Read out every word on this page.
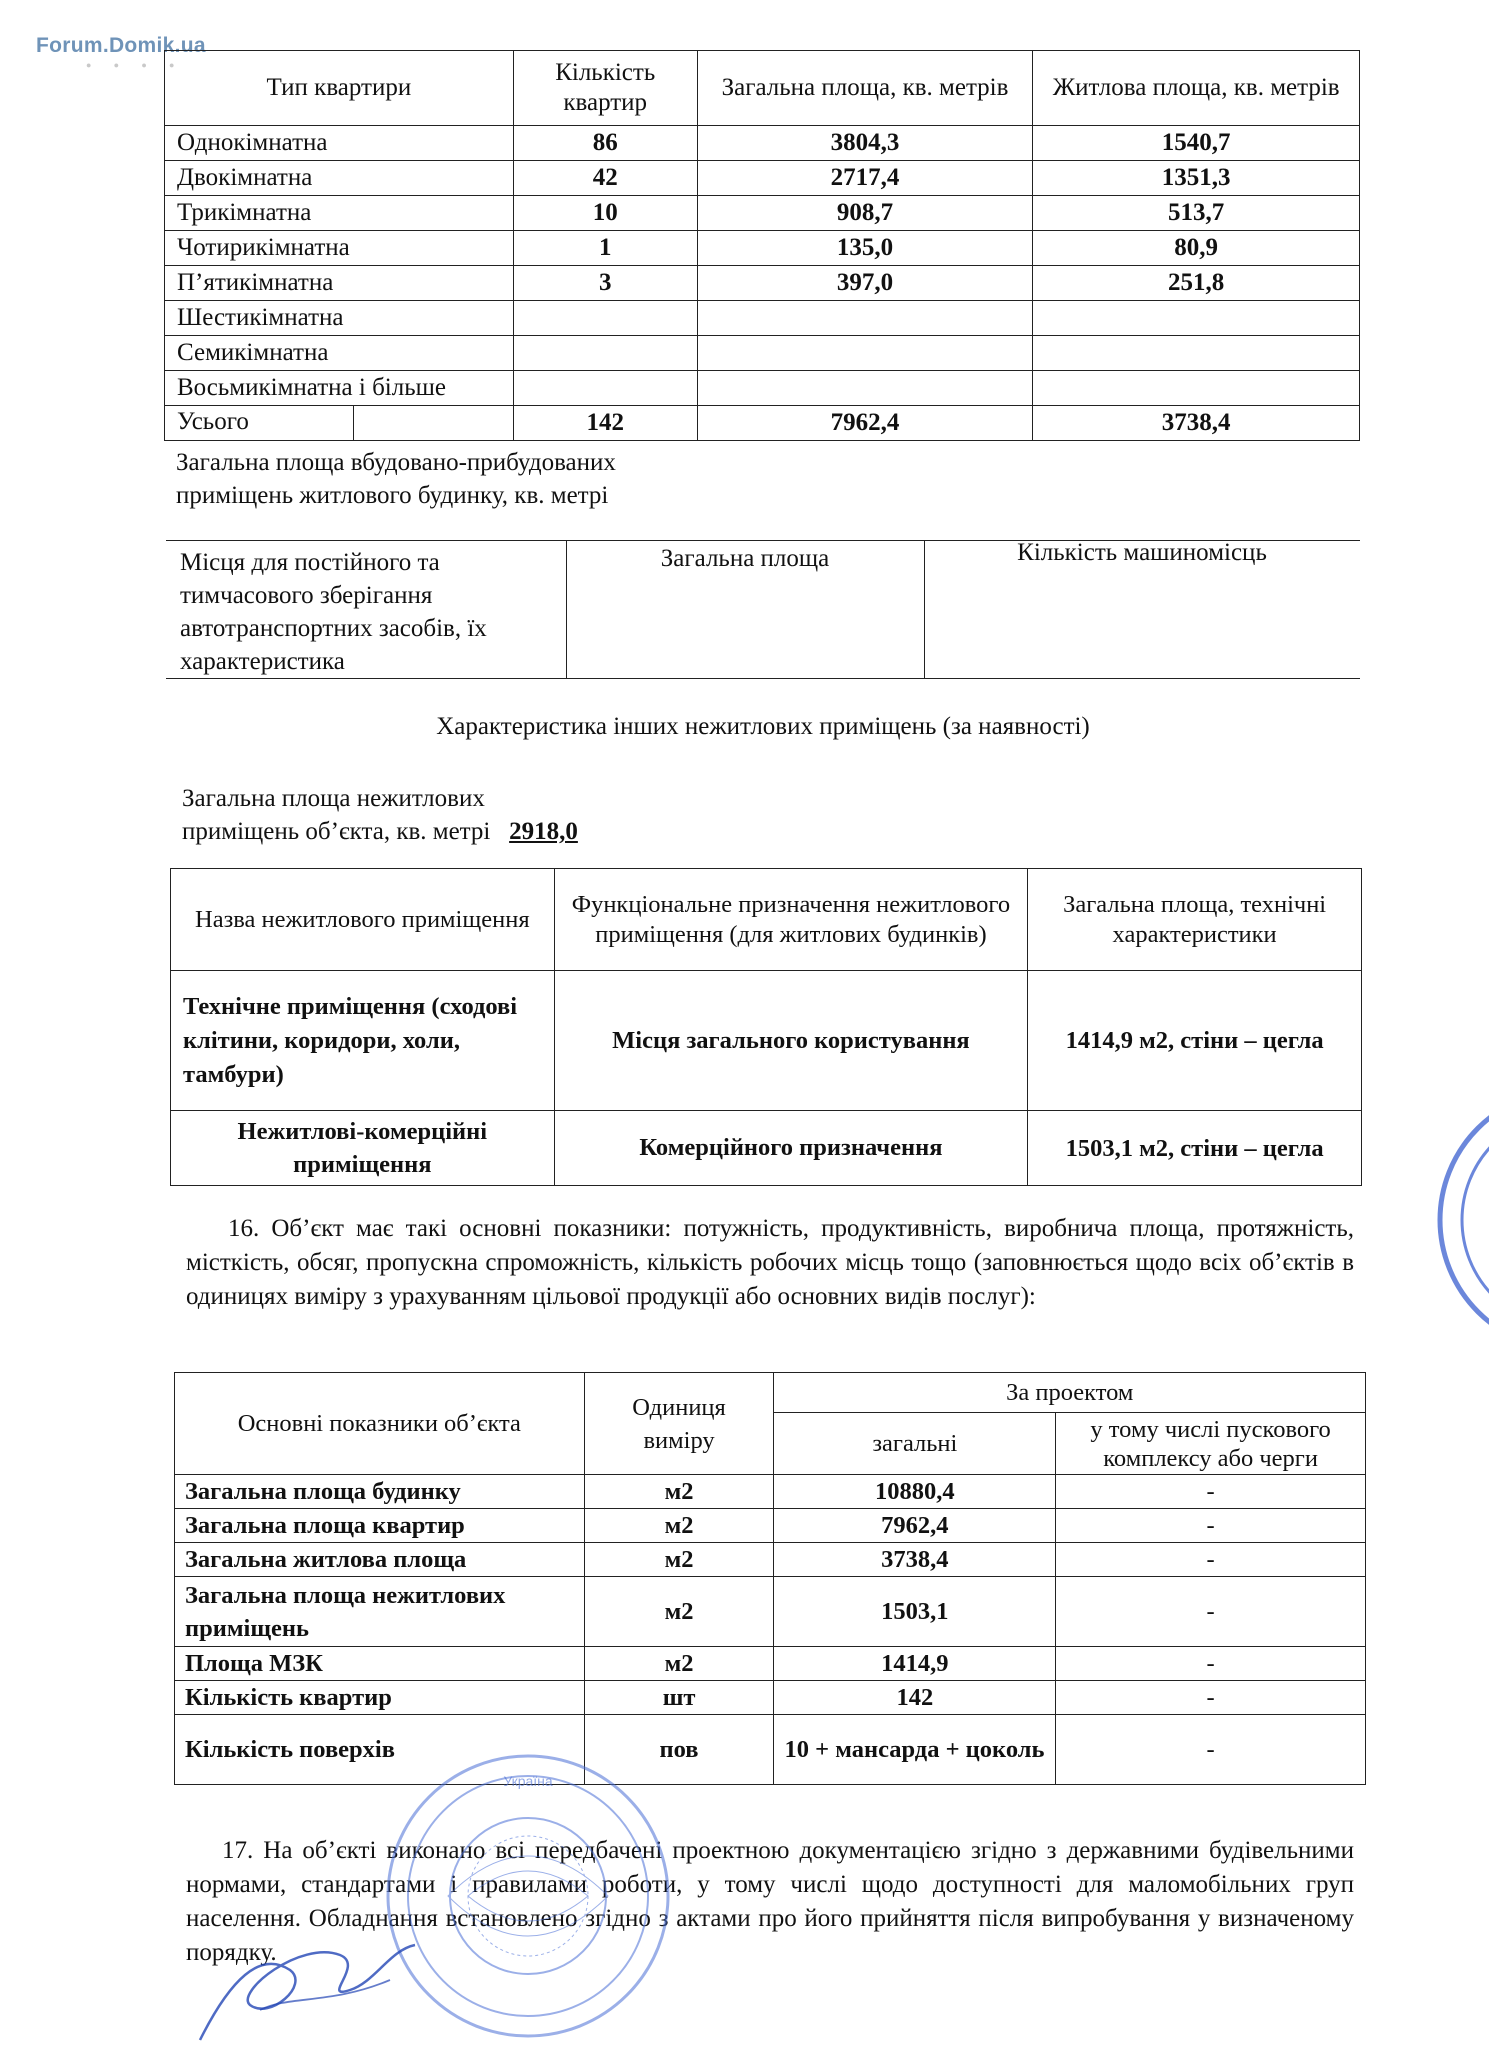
Forum.Domik.ua
● ● ● ●
Тип квартири	Кількість квартир	Загальна площа, кв. метрів	Житлова площа, кв. метрів
Однокімнатна	86	3804,3	1540,7
Двокімнатна	42	2717,4	1351,3
Трикімнатна	10	908,7	513,7
Чотирикімнатна	1	135,0	80,9
П’ятикімнатна	3	397,0	251,8
Шестикімнатна			
Семикімнатна			
Восьмикімнатна і більше			

Усього	142	7962,4	3738,4
Загальна площа вбудовано-прибудованих
приміщень житлового будинку, кв. метрі
Місця для постійного та
тимчасового зберігання
автотранспортних засобів, їх
характеристика
Загальна площа	Кількість машиномісць
Характеристика інших нежитлових приміщень (за наявності)
Загальна площа нежитлових
приміщень об’єкта, кв. метрі 2918,0
Назва нежитлового приміщення	Функціональне призначення нежитлового приміщення (для житлових будинків)	Загальна площа, технічні характеристики
Технічне приміщення (сходові клітини, коридори, холи, тамбури)	Місця загального користування	1414,9 м2, стіни – цегла
Нежитлові-комерційні приміщення	Комерційного призначення	1503,1 м2, стіни – цегла
16. Об’єкт має такі основні показники: потужність, продуктивність, виробнича площа, протяжність, місткість, обсяг, пропускна спроможність, кількість робочих місць тощо (заповнюється щодо всіх об’єктів в одиницях виміру з урахуванням цільової продукції або основних видів послуг):
Основні показники об’єкта	Одиниця виміру	За проектом	
		загальні	у тому числі пускового комплексу або черги
Загальна площа будинку	м2	10880,4	-
Загальна площа квартир	м2	7962,4	-
Загальна житлова площа	м2	3738,4	-
Загальна площа нежитлових приміщень	м2	1503,1	-
Площа МЗК	м2	1414,9	-
Кількість квартир	шт	142	-
Кількість поверхів	пов	10 + мансарда + цоколь	-
17. На об’єкті виконано всі передбачені проектною документацією згідно з державними будівельними нормами, стандартами і правилами роботи, у тому числі щодо доступності для маломобільних груп населення. Обладнання встановлено згідно з актами про його прийняття після випробування у визначеному порядку.
Україна
